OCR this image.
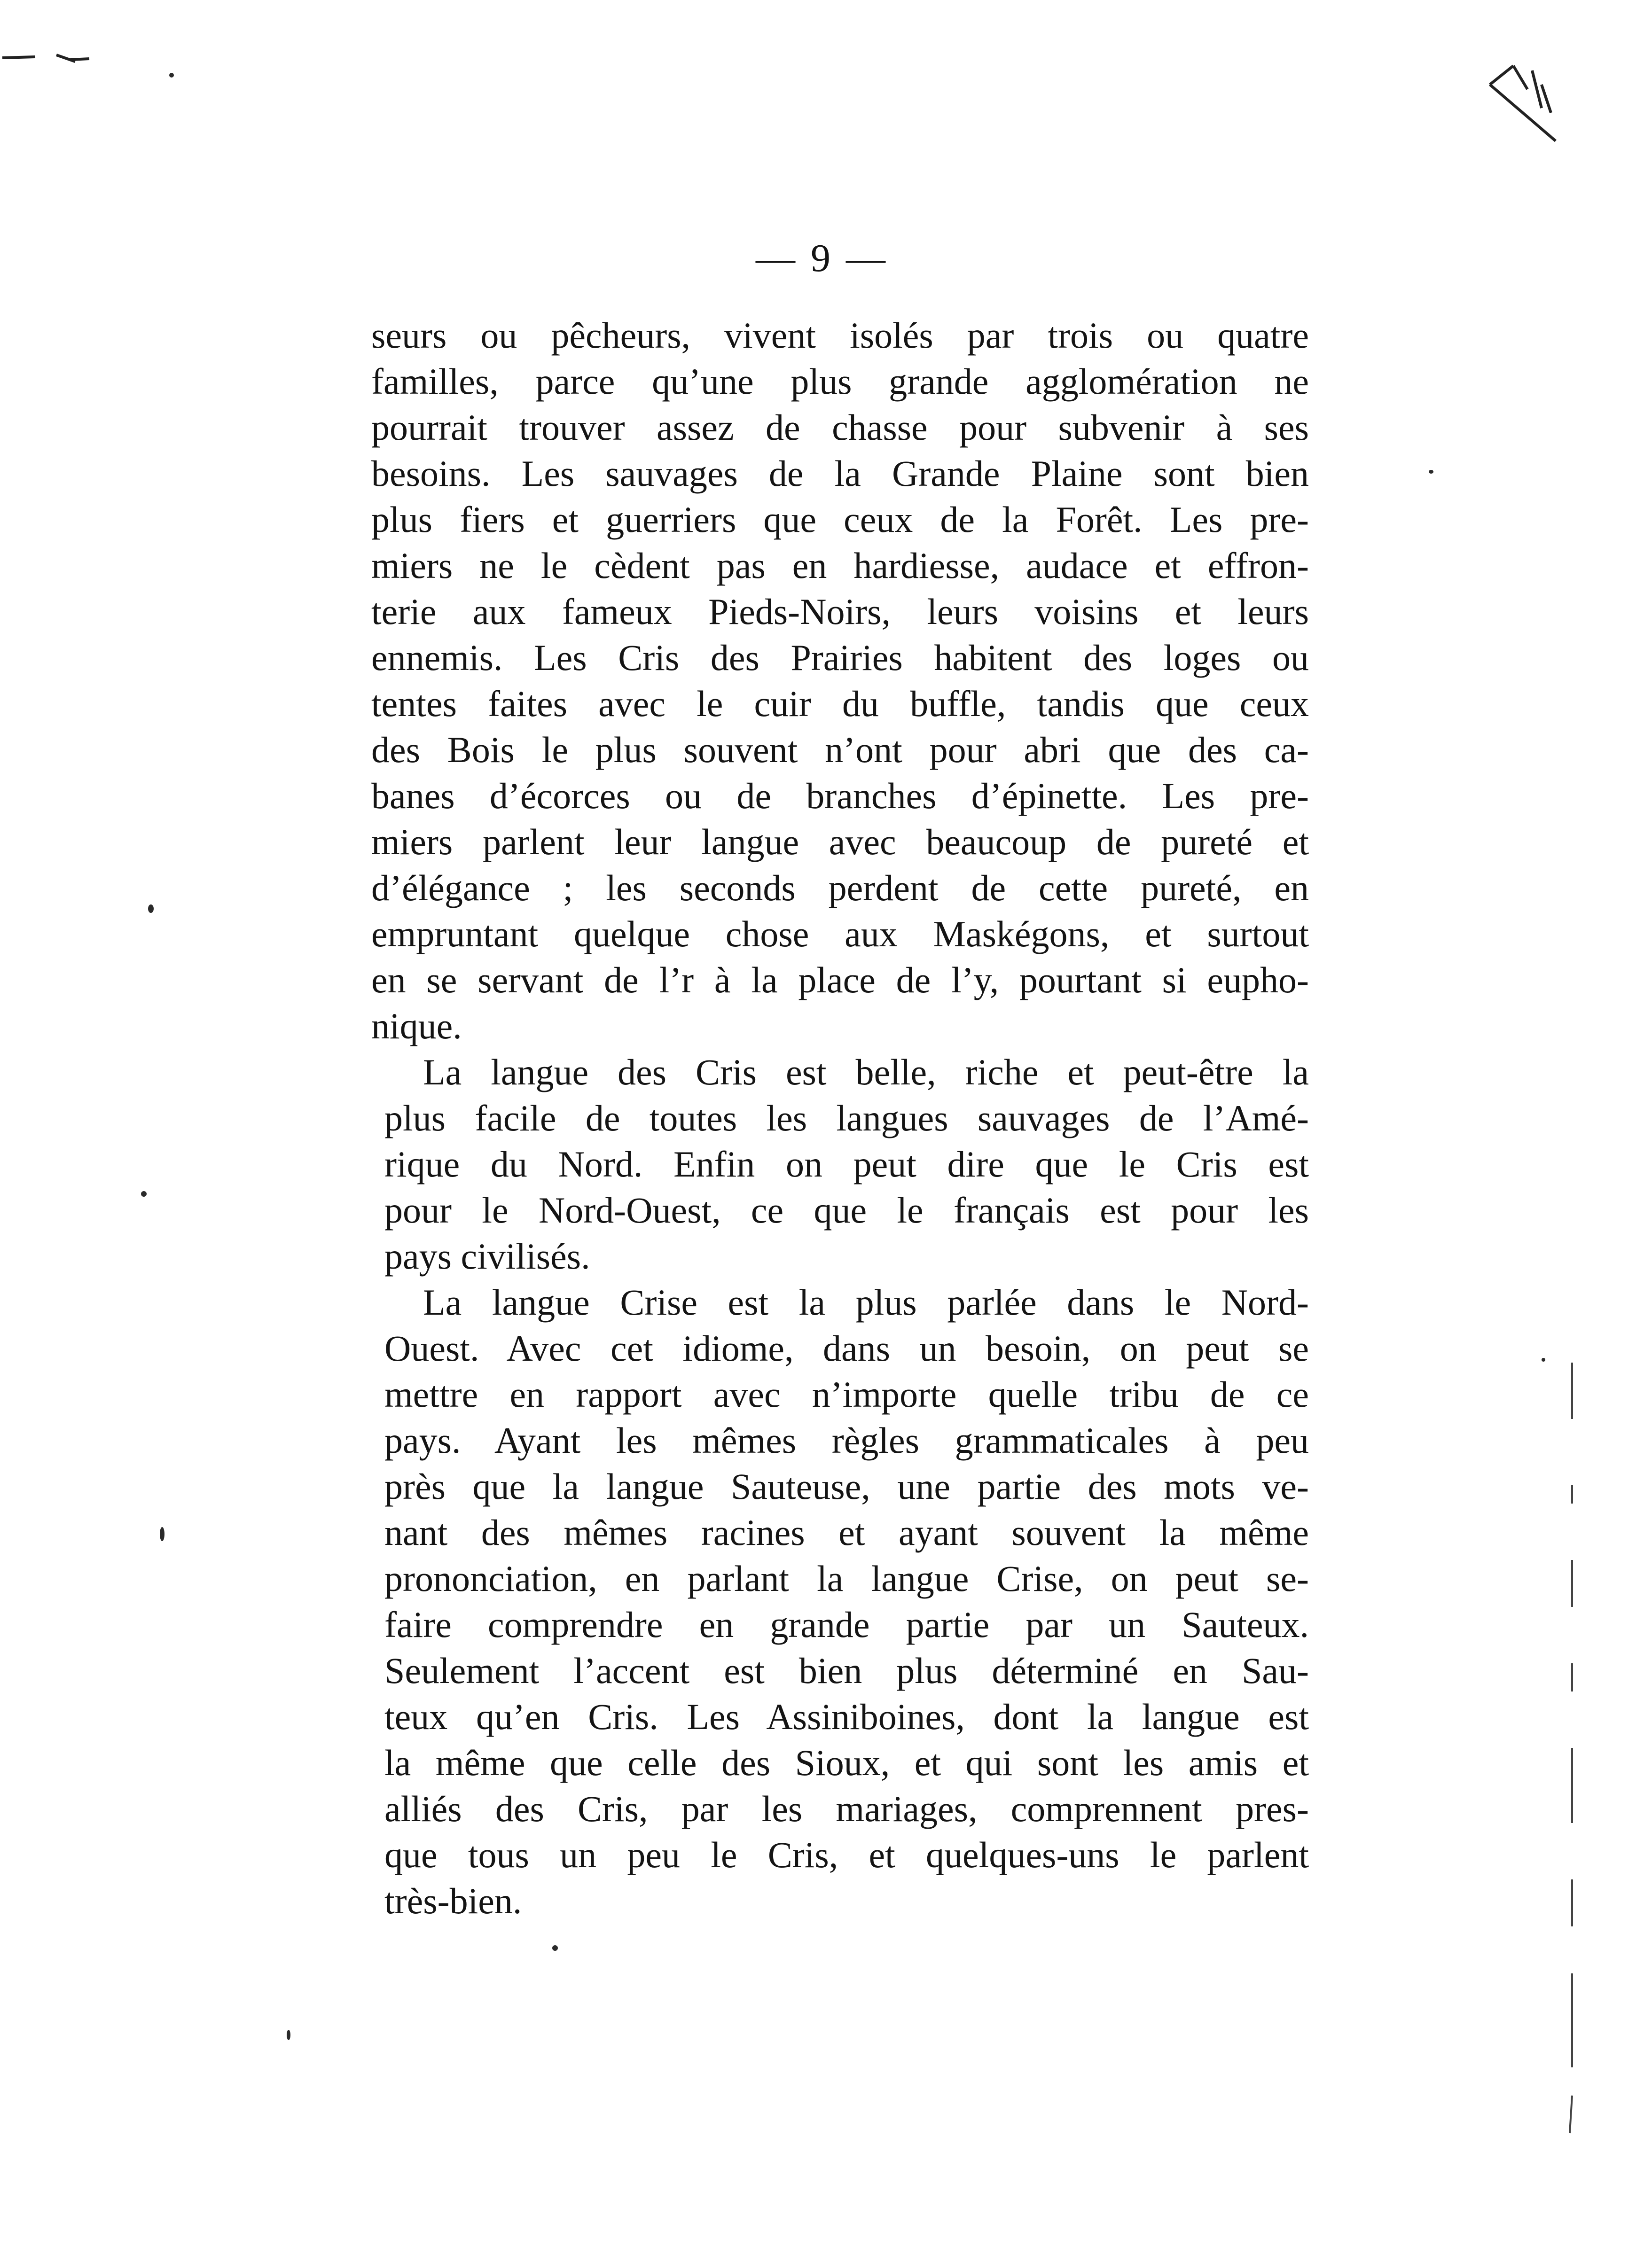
— 9 —
seurs ou pêcheurs, vivent isolés par trois ou quatre
familles, parce qu’une plus grande agglomération ne
pourrait trouver assez de chasse pour subvenir à ses
besoins. Les sauvages de la Grande Plaine sont bien
plus fiers et guerriers que ceux de la Forêt. Les pre-
miers ne le cèdent pas en hardiesse, audace et effron-
terie aux fameux Pieds-Noirs, leurs voisins et leurs
ennemis. Les Cris des Prairies habitent des loges ou
tentes faites avec le cuir du buffle, tandis que ceux
des Bois le plus souvent n’ont pour abri que des ca-
banes d’écorces ou de branches d’épinette. Les pre-
miers parlent leur langue avec beaucoup de pureté et
d’élégance ; les seconds perdent de cette pureté, en
empruntant quelque chose aux Maskégons, et surtout
en se servant de l’r à la place de l’y, pourtant si eupho-
nique.
La langue des Cris est belle, riche et peut-être la
plus facile de toutes les langues sauvages de l’Amé-
rique du Nord. Enfin on peut dire que le Cris est
pour le Nord-Ouest, ce que le français est pour les
pays civilisés.
La langue Crise est la plus parlée dans le Nord-
Ouest. Avec cet idiome, dans un besoin, on peut se
mettre en rapport avec n’importe quelle tribu de ce
pays. Ayant les mêmes règles grammaticales à peu
près que la langue Sauteuse, une partie des mots ve-
nant des mêmes racines et ayant souvent la même
prononciation, en parlant la langue Crise, on peut se-
faire comprendre en grande partie par un Sauteux.
Seulement l’accent est bien plus déterminé en Sau-
teux qu’en Cris. Les Assiniboines, dont la langue est
la même que celle des Sioux, et qui sont les amis et
alliés des Cris, par les mariages, comprennent pres-
que tous un peu le Cris, et quelques-uns le parlent
très-bien.
